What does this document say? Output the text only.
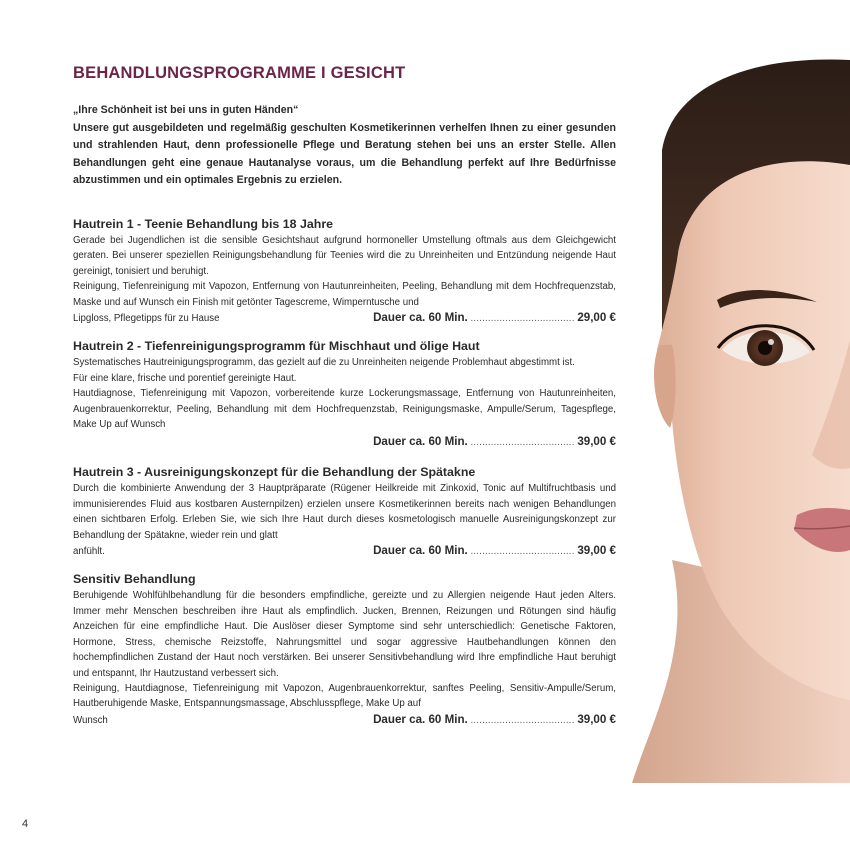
BEHANDLUNGSPROGRAMME I GESICHT

„Ihre Schönheit ist bei uns in guten Händen“

Unsere gut ausgebildeten und regelmäßig geschulten Kosmetikerinnen verhelfen Ihnen zu einer gesunden und strahlenden Haut, denn professionelle Pflege und Beratung stehen bei uns an erster Stelle. Allen Behandlungen geht eine genaue Hautanalyse voraus, um die Behandlung perfekt auf Ihre Bedürfnisse abzustimmen und ein optimales Ergebnis zu erzielen.

Hautrein 1 - Teenie Behandlung bis 18 Jahre

Gerade bei Jugendlichen ist die sensible Gesichtshaut aufgrund hormoneller Umstellung oftmals aus dem Gleichgewicht geraten. Bei unserer speziellen Reinigungsbehandlung für Teenies wird die zu Unreinheiten und Entzündung neigende Haut gereinigt, tonisiert und beruhigt.

Reinigung, Tiefenreinigung mit Vapozon, Entfernung von Hautunreinheiten, Peeling, Behandlung mit dem Hochfrequenzstab, Maske und auf Wunsch ein Finish mit getönter Tagescreme, Wimperntusche und

Lipgloss, Pflegetipps für zu Hause	Dauer ca. 60 Min. .................................... 29,00 €
Hautrein 2 - Tiefenreinigungsprogramm für Mischhaut und ölige Haut

Systematisches Hautreinigungsprogramm, das gezielt auf die zu Unreinheiten neigende Problemhaut abgestimmt ist.

Für eine klare, frische und porentief gereinigte Haut.

Hautdiagnose, Tiefenreinigung mit Vapozon, vorbereitende kurze Lockerungsmassage, Entfernung von Hautunreinheiten, Augenbrauenkorrektur, Peeling, Behandlung mit dem Hochfrequenzstab, Reinigungsmaske, Ampulle/Serum, Tagespflege, Make Up auf Wunsch

Dauer ca. 60 Min. .................................... 39,00 €
Hautrein 3 - Ausreinigungskonzept für die Behandlung der Spätakne

Durch die kombinierte Anwendung der 3 Hauptpräparate (Rügener Heilkreide mit Zinkoxid, Tonic auf Multifruchtbasis und immunisierendes Fluid aus kostbaren Austernpilzen) erzielen unsere Kosmetikerinnen bereits nach wenigen Behandlungen einen sichtbaren Erfolg. Erleben Sie, wie sich Ihre Haut durch dieses kosmetologisch manuelle Ausreinigungskonzept zur Behandlung der Spätakne, wieder rein und glatt

anfühlt.	Dauer ca. 60 Min. .................................... 39,00 €
Sensitiv Behandlung

Beruhigende Wohlfühlbehandlung für die besonders empfindliche, gereizte und zu Allergien neigende Haut jeden Alters. Immer mehr Menschen beschreiben ihre Haut als empfindlich. Jucken, Brennen, Reizungen und Rötungen sind häufig Anzeichen für eine empfindliche Haut. Die Auslöser dieser Symptome sind sehr unterschiedlich: Genetische Faktoren, Hormone, Stress, chemische Reizstoffe, Nahrungsmittel und sogar aggressive Hautbehandlungen können den hochempfindlichen Zustand der Haut noch verstärken. Bei unserer Sensitivbehandlung wird Ihre empfindliche Haut beruhigt und entspannt, Ihr Hautzustand verbessert sich.

Reinigung, Hautdiagnose, Tiefenreinigung mit Vapozon, Augenbrauenkorrektur, sanftes Peeling, Sensitiv-Ampulle/Serum, Hautberuhigende Maske, Entspannungsmassage, Abschlusspflege, Make Up auf

Wunsch	Dauer ca. 60 Min. .................................... 39,00 €
4
